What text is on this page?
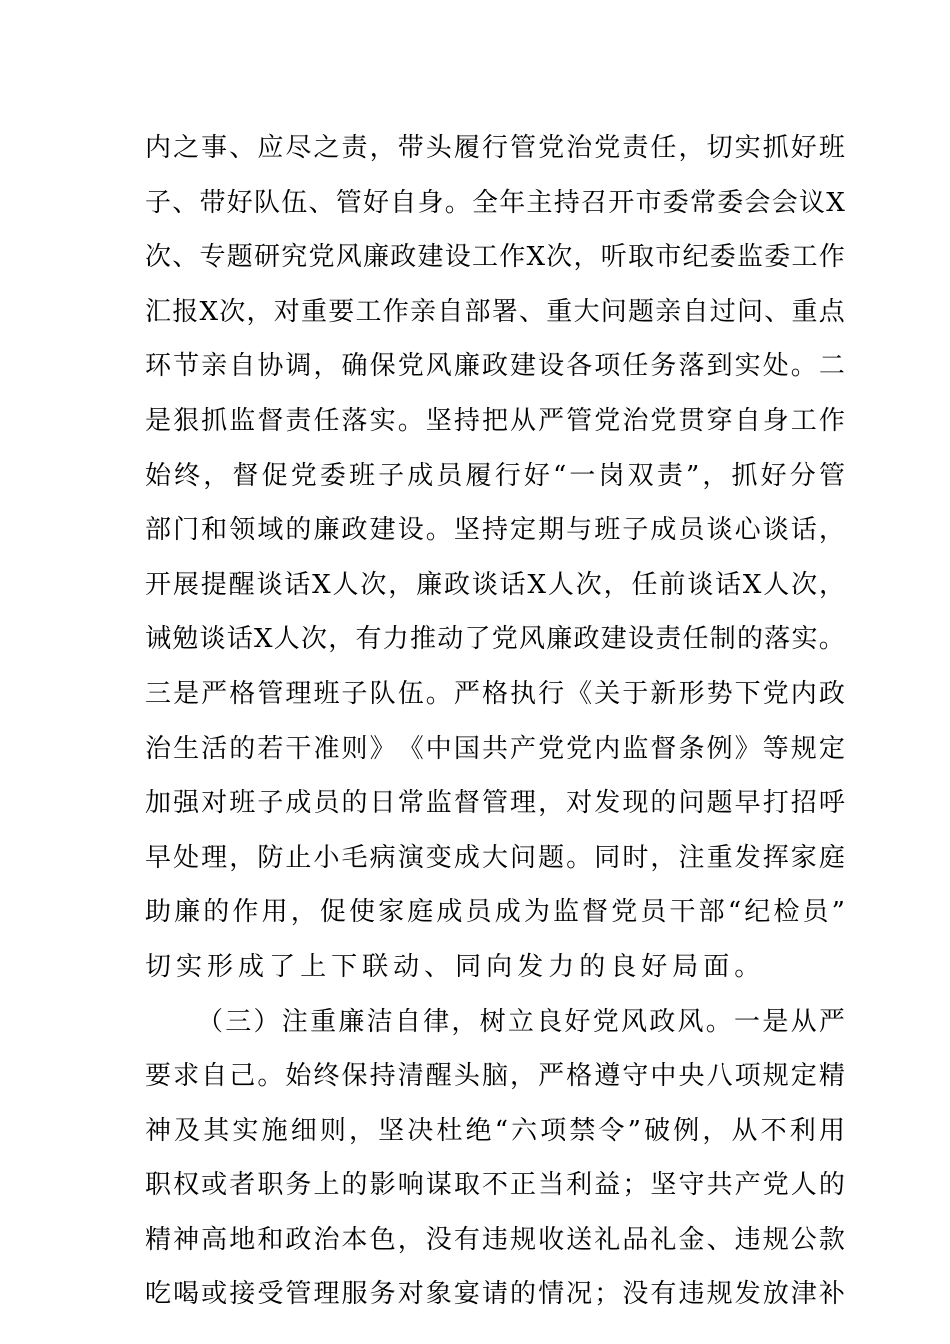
内 之 事 、 应 尽 之 责 ， 带 头 履 行 管 党 治 党 责 任 ， 切 实 抓 好 班
子 、 带 好 队 伍 、 管 好 自 身 。 全 年 主 持 召 开 市 委 常 委 会 会 议 X
次 、 专 题 研 究 党 风 廉 政 建 设 工 作 X 次 ， 听 取 市 纪 委 监 委 工 作
汇 报 X 次 ， 对 重 要 工 作 亲 自 部 署 、 重 大 问 题 亲 自 过 问 、 重 点
环 节 亲 自 协 调 ， 确 保 党 风 廉 政 建 设 各 项 任 务 落 到 实 处 。 二
是 狠 抓 监 督 责 任 落 实 。 坚 持 把 从 严 管 党 治 党 贯 穿 自 身 工 作
始 终 ， 督 促 党 委 班 子 成 员 履 行 好 “ 一 岗 双 责 ” ， 抓 好 分 管
部 门 和 领 域 的 廉 政 建 设 。 坚 持 定 期 与 班 子 成 员 谈 心 谈 话 ，
开 展 提 醒 谈 话 X 人 次 ， 廉 政 谈 话 X 人 次 ， 任 前 谈 话 X 人 次 ，
诫 勉 谈 话 X 人 次 ， 有 力 推 动 了 党 风 廉 政 建 设 责 任 制 的 落 实 。
三 是 严 格 管 理 班 子 队 伍 。 严 格 执 行 《 关 于 新 形 势 下 党 内 政
治 生 活 的 若 干 准 则 》 《 中 国 共 产 党 党 内 监 督 条 例 》 等 规 定
加 强 对 班 子 成 员 的 日 常 监 督 管 理 ， 对 发 现 的 问 题 早 打 招 呼
早 处 理 ， 防 止 小 毛 病 演 变 成 大 问 题 。 同 时 ， 注 重 发 挥 家 庭
助 廉 的 作 用 ， 促 使 家 庭 成 员 成 为 监 督 党 员 干 部 “ 纪 检 员 ”
切 实 形 成 了 上 下 联 动 、 同 向 发 力 的 良 好 局 面 。
（ 三 ） 注 重 廉 洁 自 律 ， 树 立 良 好 党 风 政 风 。 一 是 从 严
要 求 自 己 。 始 终 保 持 清 醒 头 脑 ， 严 格 遵 守 中 央 八 项 规 定 精
神 及 其 实 施 细 则 ， 坚 决 杜 绝 “ 六 项 禁 令 ” 破 例 ， 从 不 利 用
职 权 或 者 职 务 上 的 影 响 谋 取 不 正 当 利 益 ； 坚 守 共 产 党 人 的
精 神 高 地 和 政 治 本 色 ， 没 有 违 规 收 送 礼 品 礼 金 、 违 规 公 款
吃 喝 或 接 受 管 理 服 务 对 象 宴 请 的 情 况 ； 没 有 违 规 发 放 津 补
